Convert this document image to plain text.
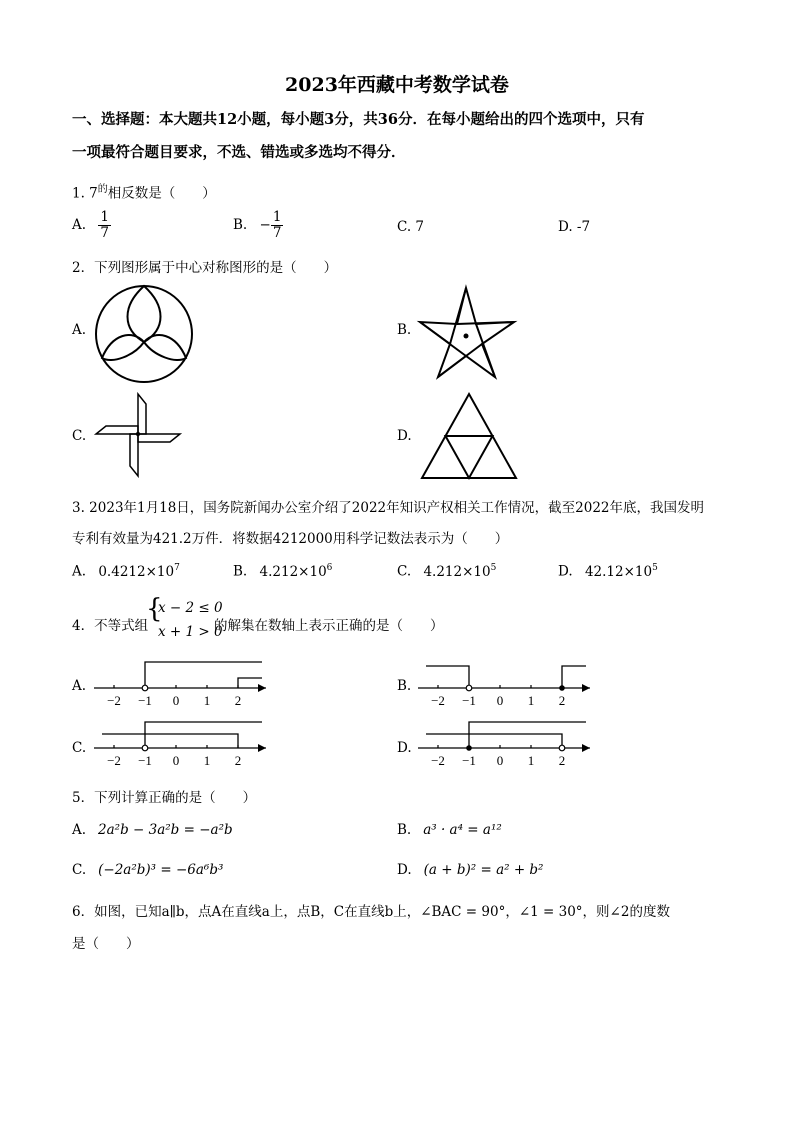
2023年西藏中考数学试卷
一、选择题：本大题共12小题，每小题3分，共36分．在每小题给出的四个选项中，只有
一项最符合题目要求，不选、错选或多选均不得分．
1. $7^的$相反数是（　　）
A. $\frac{1}{7}$	B. − $\frac{1}{7}$	C. 7	D. -7
2．下列图形属于中心对称图形的是（　　）
A.	B.
C.	D.
3. 2023年1月18日，国务院新闻办公室介绍了2022年知识产权相关工作情况，截至2022年底，我国发明
专利有效量为421.2万件．将数据4212000用科学记数法表示为（　　）
A. $0.4212\times 10^7$	B. $4.212\times 10^6$	C. $4.212\times 10^5$	D. $42.12\times 10^5$
4．不等式组
{
x − 2 ≤ 0
x + 1 > 0
的解集在数轴上表示正确的是（　　）
A.
−2 −1 0 1 2
B.
−2 −1 0 1 2
C.
−2 −1 0 1 2
D.
−2 −1 0 1 2
5．下列计算正确的是（　　）
A. 2a²b − 3a²b = −a²b	B. a³ · a⁴ = a¹²
C. (−2a²b)³ = −6a⁶b³	D. (a + b)² = a² + b²
6．如图，已知a∥b，点A在直线a上，点B，C在直线b上，∠BAC = 90°，∠1 = 30°，则∠2的度数
是（　　）
